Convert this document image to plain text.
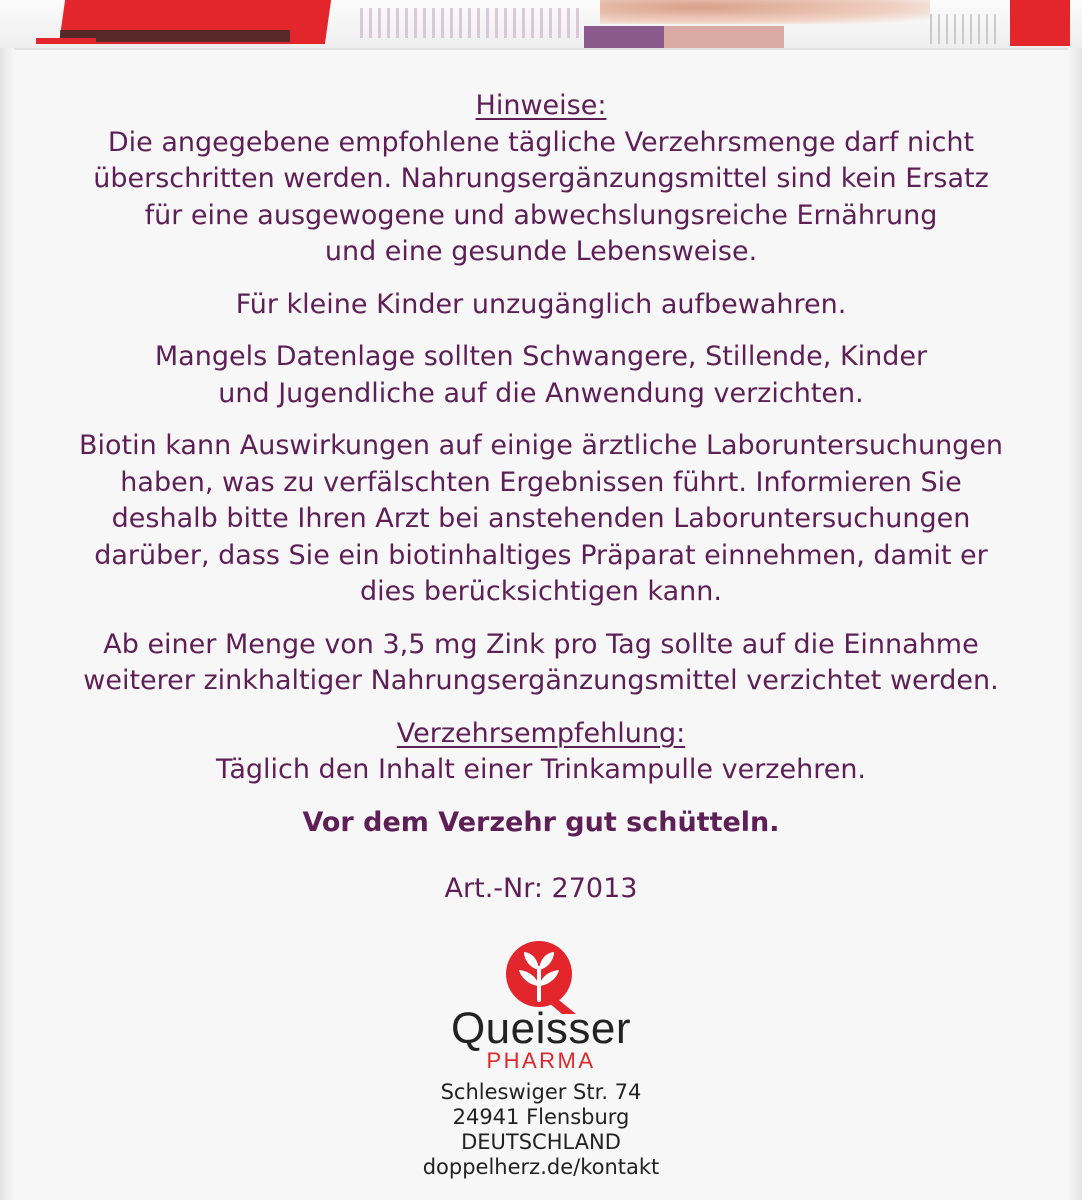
Hinweise:
Die angegebene empfohlene tägliche Verzehrsmenge darf nicht
überschritten werden. Nahrungsergänzungsmittel sind kein Ersatz
für eine ausgewogene und abwechslungsreiche Ernährung
und eine gesunde Lebensweise.

Für kleine Kinder unzugänglich aufbewahren.

Mangels Datenlage sollten Schwangere, Stillende, Kinder
und Jugendliche auf die Anwendung verzichten.

Biotin kann Auswirkungen auf einige ärztliche Laboruntersuchungen
haben, was zu verfälschten Ergebnissen führt. Informieren Sie
deshalb bitte Ihren Arzt bei anstehenden Laboruntersuchungen
darüber, dass Sie ein biotinhaltiges Präparat einnehmen, damit er
dies berücksichtigen kann.

Ab einer Menge von 3,5 mg Zink pro Tag sollte auf die Einnahme
weiterer zinkhaltiger Nahrungsergänzungsmittel verzichtet werden.

Verzehrsempfehlung:
Täglich den Inhalt einer Trinkampulle verzehren.

Vor dem Verzehr gut schütteln.

Art.-Nr: 27013

Queisser
PHARMA
Schleswiger Str. 74
24941 Flensburg
DEUTSCHLAND
doppelherz.de/kontakt
